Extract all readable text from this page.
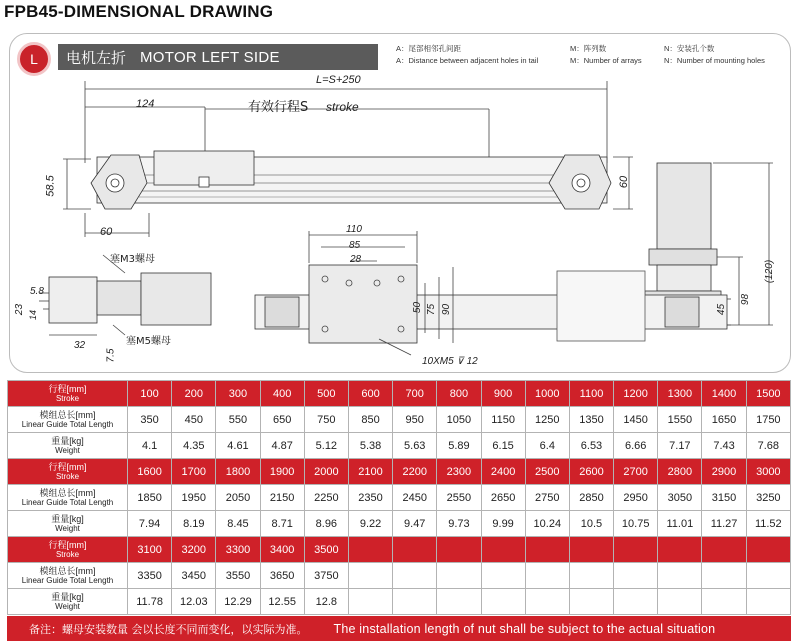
FPB45-DIMENSIONAL DRAWING
L	电机左折 MOTOR LEFT SIDE	A：尾部相邻孔间距
A：Distance between adjacent holes in tail
M：阵列数
M：Number of arrays
N：安装孔个数
N：Number of mounting holes
L=S+250
124	有效行程S stroke
58.5	60
60	110
85
28
50 75 90	45
98
(120)
塞M3螺母
塞M5螺母
5.8
23 14
32
7.5	10XM5 ⊽ 12
行程[mm]
Stroke	100	200	300	400	500	600	700	800	900	1000	1100	1200	1300	1400	1500
模组总长[mm]
Linear Guide Total Length	350	450	550	650	750	850	950	1050	1150	1250	1350	1450	1550	1650	1750
重量[kg]
Weight	4.1	4.35	4.61	4.87	5.12	5.38	5.63	5.89	6.15	6.4	6.53	6.66	7.17	7.43	7.68
行程[mm]
Stroke	1600	1700	1800	1900	2000	2100	2200	2300	2400	2500	2600	2700	2800	2900	3000
模组总长[mm]
Linear Guide Total Length	1850	1950	2050	2150	2250	2350	2450	2550	2650	2750	2850	2950	3050	3150	3250
重量[kg]
Weight	7.94	8.19	8.45	8.71	8.96	9.22	9.47	9.73	9.99	10.24	10.5	10.75	11.01	11.27	11.52
行程[mm]
Stroke	3100	3200	3300	3400	3500										
模组总长[mm]
Linear Guide Total Length	3350	3450	3550	3650	3750										
重量[kg]
Weight	11.78	12.03	12.29	12.55	12.8										
备注：螺母安装数量 会以长度不同而变化，以实际为准。 The installation length of nut shall be subject to the actual situation
